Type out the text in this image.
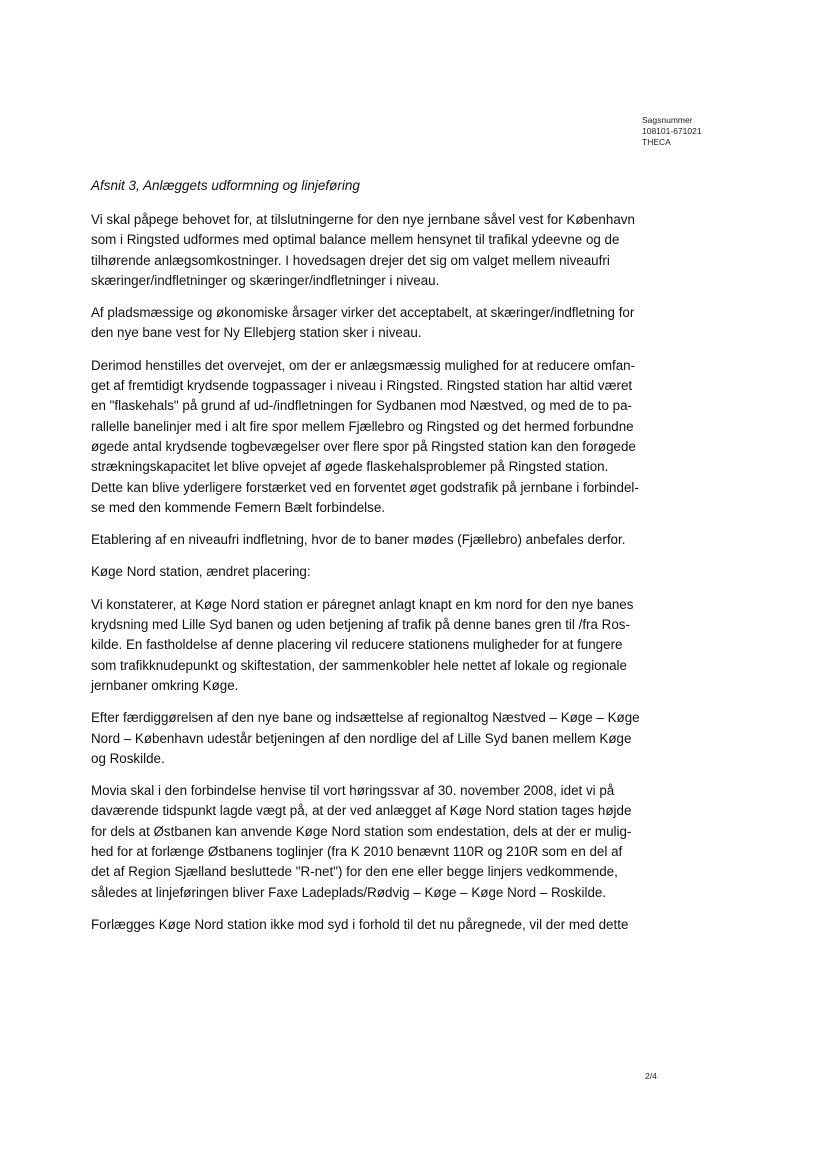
Sagsnummer
108101-671021
THECA
Afsnit 3, Anlæggets udformning og linjeføring

Vi skal påpege behovet for, at tilslutningerne for den nye jernbane såvel vest for København
som i Ringsted udformes med optimal balance mellem hensynet til trafikal ydeevne og de
tilhørende anlægsomkostninger. I hovedsagen drejer det sig om valget mellem niveaufri
skæringer/indfletninger og skæringer/indfletninger i niveau.

Af pladsmæssige og økonomiske årsager virker det acceptabelt, at skæringer/indfletning for
den nye bane vest for Ny Ellebjerg station sker i niveau.

Derimod henstilles det overvejet, om der er anlægsmæssig mulighed for at reducere omfan-
get af fremtidigt krydsende togpassager i niveau i Ringsted. Ringsted station har altid været
en "flaskehals" på grund af ud-/indfletningen for Sydbanen mod Næstved, og med de to pa-
rallelle banelinjer med i alt fire spor mellem Fjællebro og Ringsted og det hermed forbundne
øgede antal krydsende togbevægelser over flere spor på Ringsted station kan den forøgede
strækningskapacitet let blive opvejet af øgede flaskehalsproblemer på Ringsted station.
Dette kan blive yderligere forstærket ved en forventet øget godstrafik på jernbane i forbindel-
se med den kommende Femern Bælt forbindelse.

Etablering af en niveaufri indfletning, hvor de to baner mødes (Fjællebro) anbefales derfor.

Køge Nord station, ændret placering:

Vi konstaterer, at Køge Nord station er páregnet anlagt knapt en km nord for den nye banes
krydsning med Lille Syd banen og uden betjening af trafik på denne banes gren til /fra Ros-
kilde. En fastholdelse af denne placering vil reducere stationens muligheder for at fungere
som trafikknudepunkt og skiftestation, der sammenkobler hele nettet af lokale og regionale
jernbaner omkring Køge.

Efter færdiggørelsen af den nye bane og indsættelse af regionaltog Næstved – Køge – Køge
Nord – København udestår betjeningen af den nordlige del af Lille Syd banen mellem Køge
og Roskilde.

Movia skal i den forbindelse henvise til vort høringssvar af 30. november 2008, idet vi på
daværende tidspunkt lagde vægt på, at der ved anlægget af Køge Nord station tages højde
for dels at Østbanen kan anvende Køge Nord station som endestation, dels at der er mulig-
hed for at forlænge Østbanens toglinjer (fra K 2010 benævnt 110R og 210R som en del af
det af Region Sjælland besluttede "R-net") for den ene eller begge linjers vedkommende,
således at linjeføringen bliver Faxe Ladeplads/Rødvig – Køge – Køge Nord – Roskilde.

Forlægges Køge Nord station ikke mod syd i forhold til det nu påregnede, vil der med dette

2/4
